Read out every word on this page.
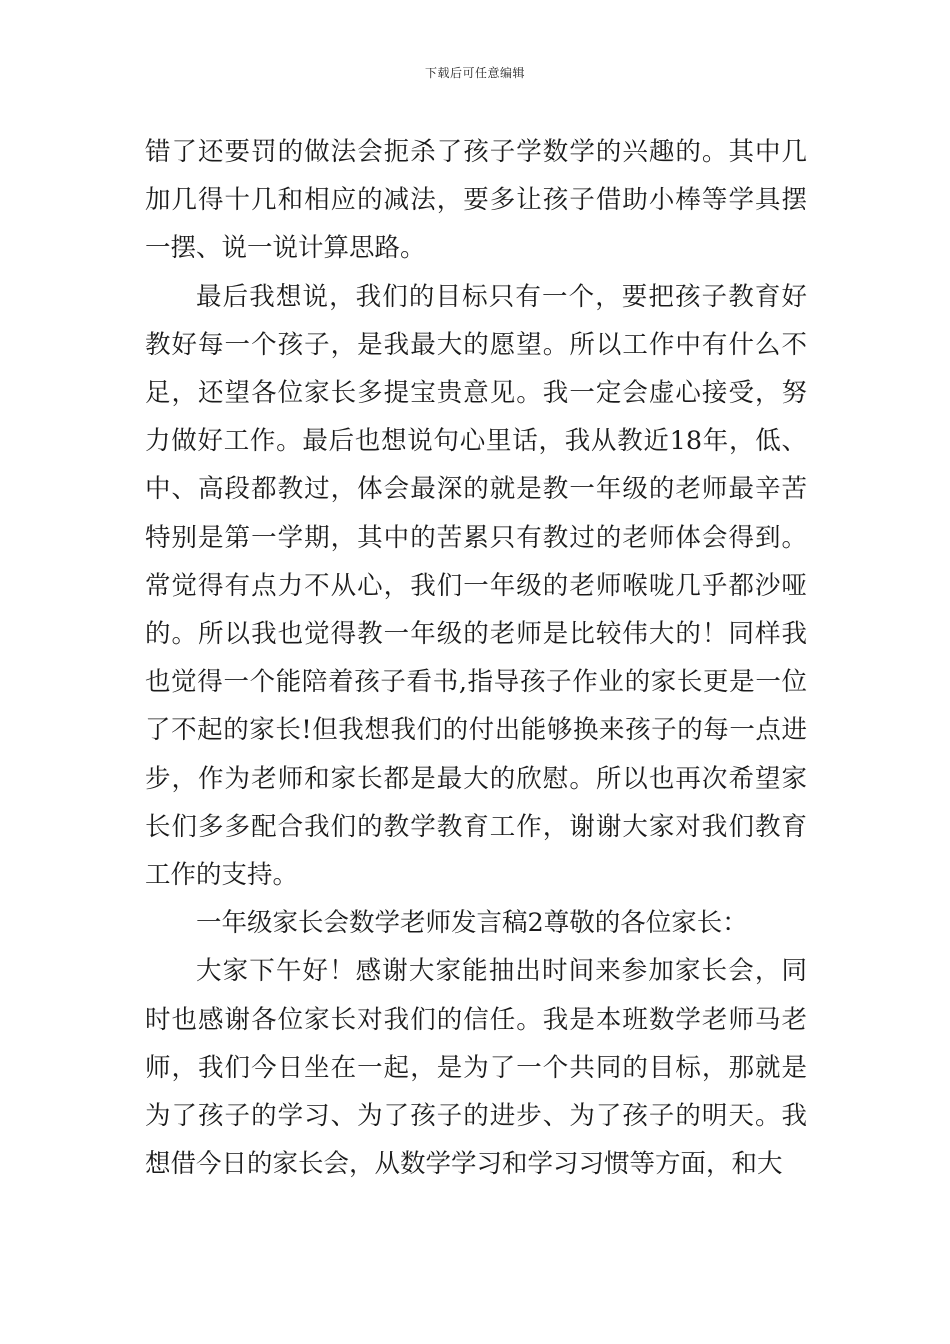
下载后可任意编辑

错了还要罚的做法会扼杀了孩子学数学的兴趣的。其中几加几得十几和相应的减法，要多让孩子借助小棒等学具摆一摆、说一说计算思路。

最后我想说，我们的目标只有一个，要把孩子教育好教好每一个孩子，是我最大的愿望。所以工作中有什么不足，还望各位家长多提宝贵意见。我一定会虚心接受，努力做好工作。最后也想说句心里话，我从教近18年，低、中、高段都教过，体会最深的就是教一年级的老师最辛苦特别是第一学期，其中的苦累只有教过的老师体会得到。常觉得有点力不从心，我们一年级的老师喉咙几乎都沙哑的。所以我也觉得教一年级的老师是比较伟大的！同样我也觉得一个能陪着孩子看书,指导孩子作业的家长更是一位了不起的家长!但我想我们的付出能够换来孩子的每一点进步，作为老师和家长都是最大的欣慰。所以也再次希望家长们多多配合我们的教学教育工作，谢谢大家对我们教育工作的支持。

一年级家长会数学老师发言稿2尊敬的各位家长：

大家下午好！感谢大家能抽出时间来参加家长会，同时也感谢各位家长对我们的信任。我是本班数学老师马老师，我们今日坐在一起，是为了一个共同的目标，那就是为了孩子的学习、为了孩子的进步、为了孩子的明天。我想借今日的家长会，从数学学习和学习习惯等方面，和大
